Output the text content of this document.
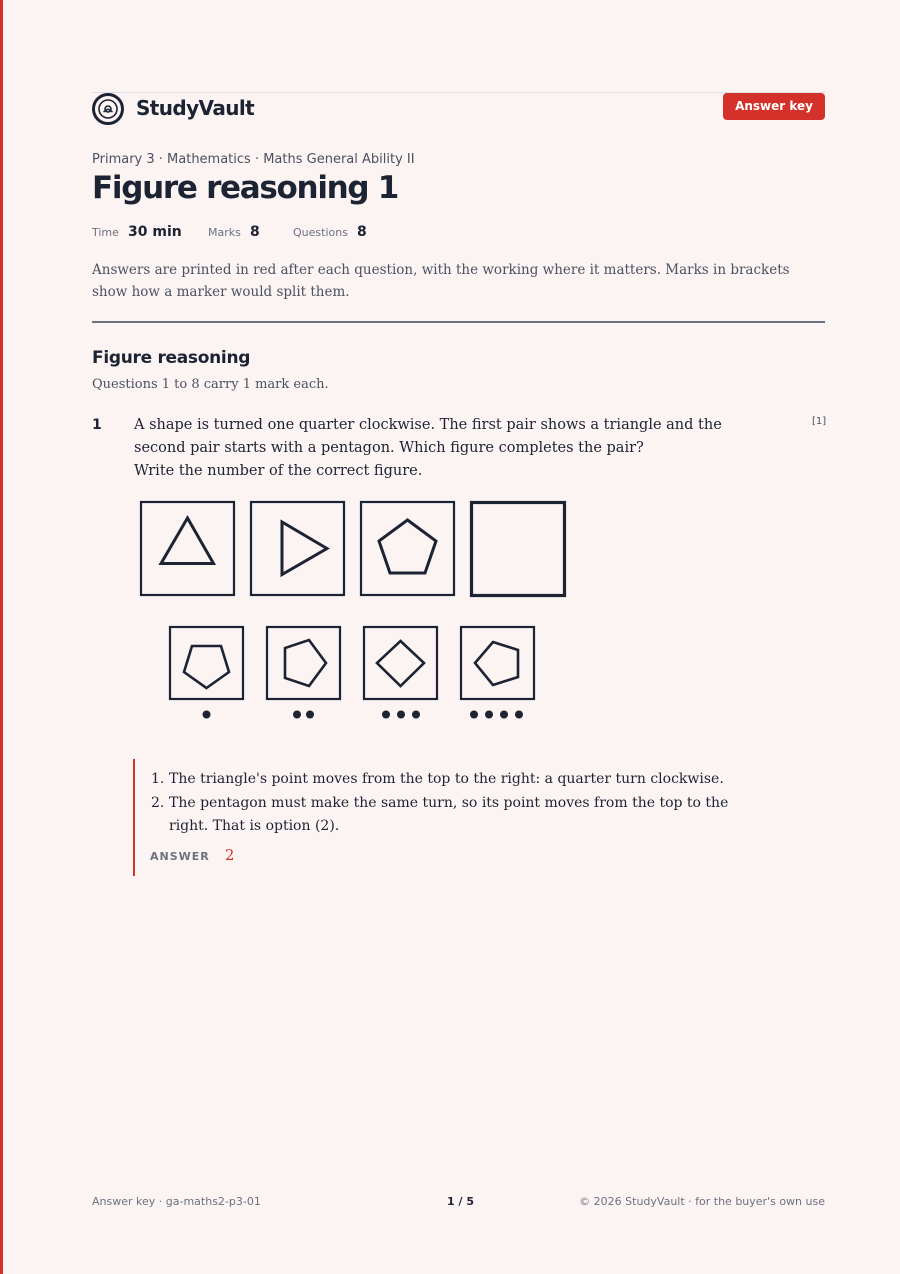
StudyVault	Answer key
Primary 3 · Mathematics · Maths General Ability II
Figure reasoning 1
Time 30 min Marks 8	Questions 8

Answers are printed in red after each question, with the working where it matters. Marks in brackets show how a marker would split them.

Figure reasoning

Questions 1 to 8 carry 1 mark each.

1 A shape is turned one quarter clockwise. The first pair shows a triangle and the second pair starts with a pentagon. Which figure completes the pair?
Write the number of the correct figure.
[1]
1. The triangle's point moves from the top to the right: a quarter turn clockwise.
2. The pentagon must make the same turn, so its point moves from the top to the right. That is option (2).
ANSWER 2
Answer key · ga-maths2-p3-01	1 / 5	© 2026 StudyVault · for the buyer's own use
